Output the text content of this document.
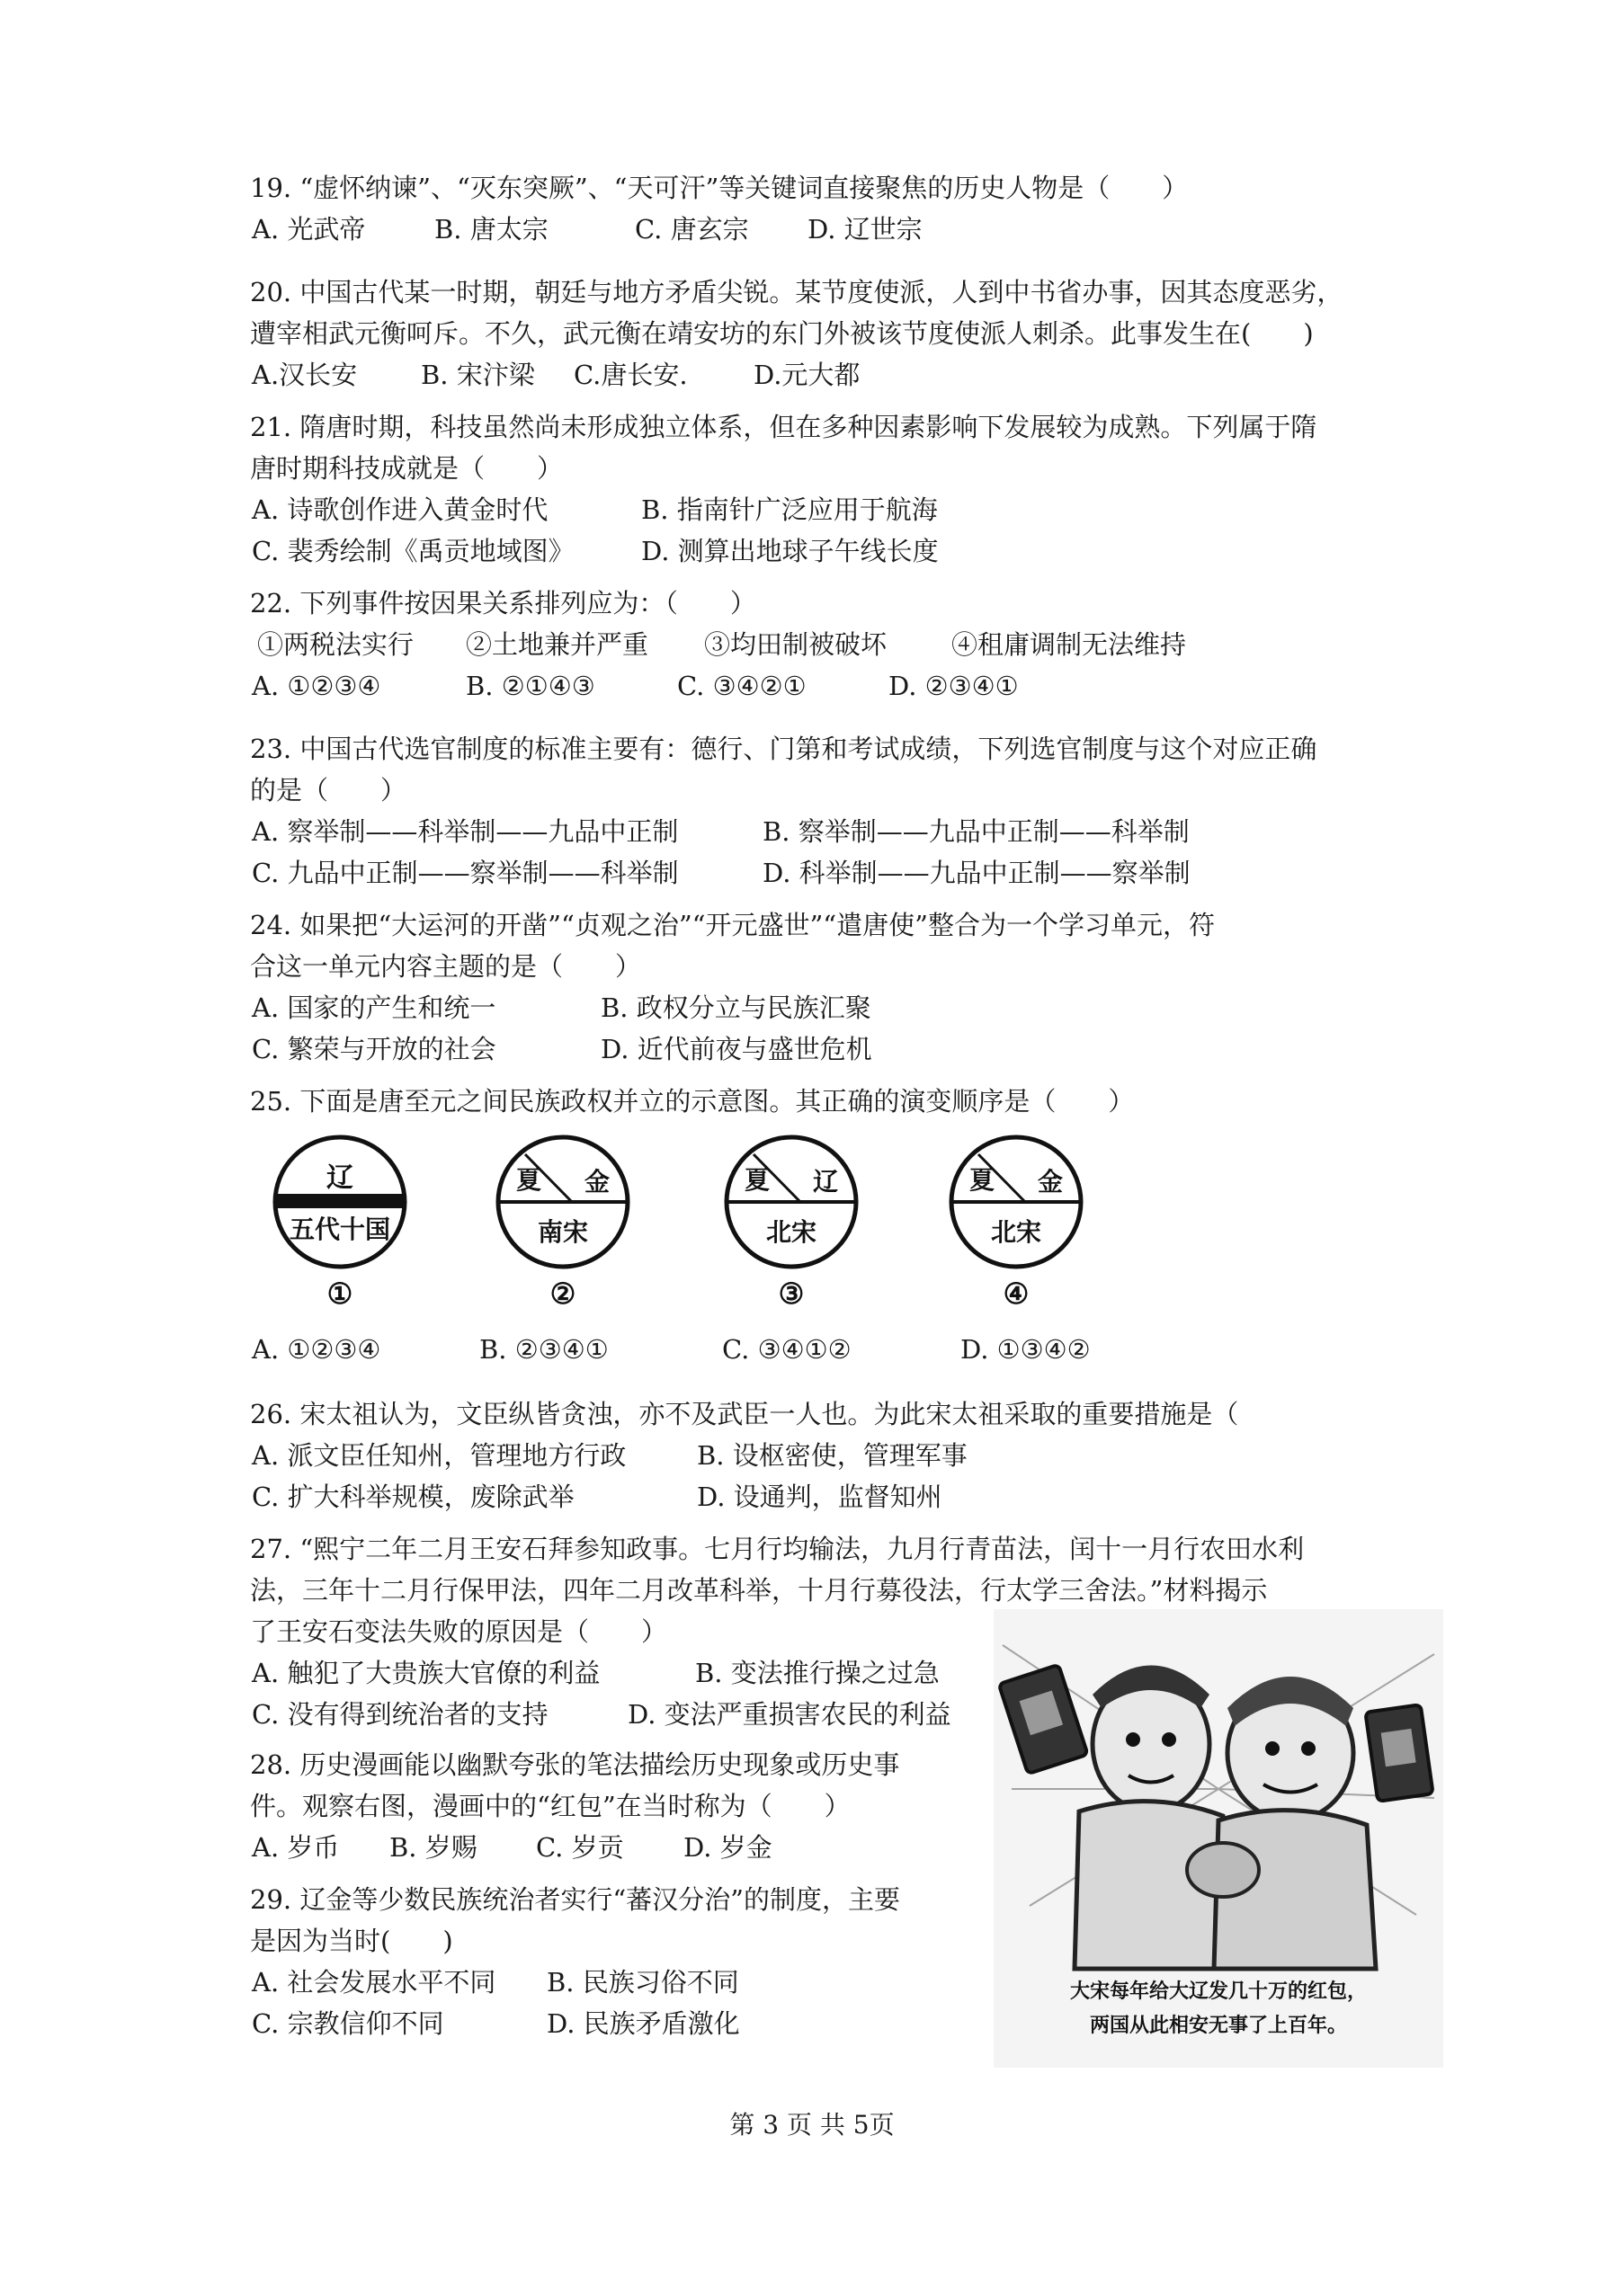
19. “虚怀纳谏”、“灭东突厥”、“天可汗”等关键词直接聚焦的历史人物是（　　）
A. 光武帝	B. 唐太宗	C. 唐玄宗 D. 辽世宗
20. 中国古代某一时期，朝廷与地方矛盾尖锐。某节度使派，人到中书省办事，因其态度恶劣，
遭宰相武元衡呵斥。不久，武元衡在靖安坊的东门外被该节度使派人刺杀。此事发生在(　　)
A.汉长安 B. 宋汴梁 C.唐长安.	D.元大都
21. 隋唐时期，科技虽然尚未形成独立体系，但在多种因素影响下发展较为成熟。下列属于隋
唐时期科技成就是（　　）
A. 诗歌创作进入黄金时代	B. 指南针广泛应用于航海
C. 裴秀绘制《禹贡地域图》	D. 测算出地球子午线长度
22. 下列事件按因果关系排列应为：（　　）
①两税法实行 ②土地兼并严重 ③均田制被破坏 ④租庸调制无法维持
A. ①②③④	B. ②①④③	C. ③④②①	D. ②③④①
23. 中国古代选官制度的标准主要有：德行、门第和考试成绩，下列选官制度与这个对应正确
的是（　　）
A. 察举制——科举制——九品中正制	B. 察举制——九品中正制——科举制
C. 九品中正制——察举制——科举制	D. 科举制——九品中正制——察举制
24. 如果把“大运河的开凿”“贞观之治”“开元盛世”“遣唐使”整合为一个学习单元，符
合这一单元内容主题的是（　　）
A. 国家的产生和统一	B. 政权分立与民族汇聚
C. 繁荣与开放的社会	D. 近代前夜与盛世危机
25. 下面是唐至元之间民族政权并立的示意图。其正确的演变顺序是（　　）
辽
五代十国
①
夏 金
南宋
②
夏 辽
北宋
③
夏 金
北宋
④
A. ①②③④	B. ②③④①	C. ③④①②	D. ①③④②
26. 宋太祖认为，文臣纵皆贪浊，亦不及武臣一人也。为此宋太祖采取的重要措施是（
A. 派文臣任知州，管理地方行政	B. 设枢密使，管理军事
C. 扩大科举规模，废除武举	D. 设通判，监督知州
27. “熙宁二年二月王安石拜参知政事。七月行均输法，九月行青苗法，闰十一月行农田水利
法，三年十二月行保甲法，四年二月改革科举，十月行募役法，行太学三舍法。”材料揭示
了王安石变法失败的原因是（　　）
A. 触犯了大贵族大官僚的利益	B. 变法推行操之过急
C. 没有得到统治者的支持	D. 变法严重损害农民的利益
28. 历史漫画能以幽默夸张的笔法描绘历史现象或历史事
件。观察右图，漫画中的“红包”在当时称为（　　）
A. 岁币 B. 岁赐 C. 岁贡 D. 岁金
29. 辽金等少数民族统治者实行“蕃汉分治”的制度，主要
是因为当时(　　)
A. 社会发展水平不同 B. 民族习俗不同
C. 宗教信仰不同	D. 民族矛盾激化
大宋每年给大辽发几十万的红包，
两国从此相安无事了上百年。
第 3 页 共 5页
